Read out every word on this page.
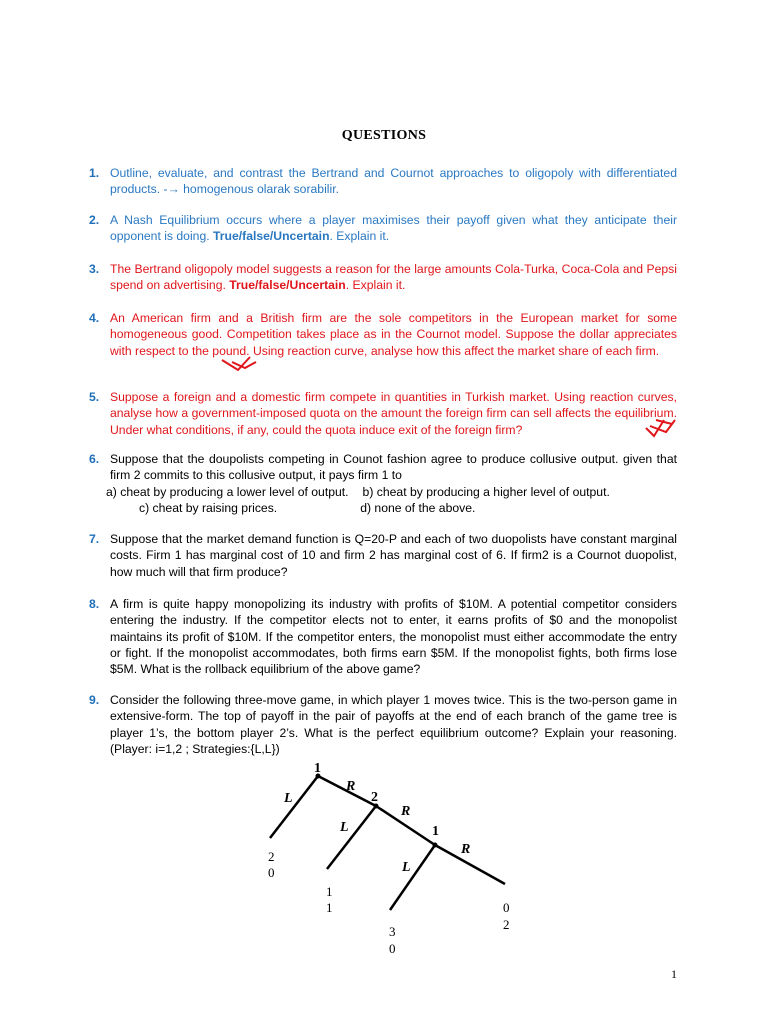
QUESTIONS
1. Outline, evaluate, and contrast the Bertrand and Cournot approaches to oligopoly with differentiated products. -→ homogenous olarak sorabilir.
2. A Nash Equilibrium occurs where a player maximises their payoff given what they anticipate their opponent is doing. True/false/Uncertain. Explain it.
3. The Bertrand oligopoly model suggests a reason for the large amounts Cola-Turka, Coca-Cola and Pepsi spend on advertising. True/false/Uncertain. Explain it.
4. An American firm and a British firm are the sole competitors in the European market for some homogeneous good. Competition takes place as in the Cournot model. Suppose the dollar appreciates with respect to the pound. Using reaction curve, analyse how this affect the market share of each firm.
5. Suppose a foreign and a domestic firm compete in quantities in Turkish market. Using reaction curves, analyse how a government-imposed quota on the amount the foreign firm can sell affects the equilibrium. Under what conditions, if any, could the quota induce exit of the foreign firm?
6. Suppose that the doupolists competing in Counot fashion agree to produce collusive output. given that firm 2 commits to this collusive output, it pays firm 1 to
a) cheat by producing a lower level of output. b) cheat by producing a higher level of output.
c) cheat by raising prices.	d) none of the above.
7. Suppose that the market demand function is Q=20-P and each of two duopolists have constant marginal costs. Firm 1 has marginal cost of 10 and firm 2 has marginal cost of 6. If firm2 is a Cournot duopolist, how much will that firm produce?
8. A firm is quite happy monopolizing its industry with profits of $10M. A potential competitor considers entering the industry. If the competitor elects not to enter, it earns profits of $0 and the monopolist maintains its profit of $10M. If the competitor enters, the monopolist must either accommodate the entry or fight. If the monopolist accommodates, both firms earn $5M. If the monopolist fights, both firms lose $5M. What is the rollback equilibrium of the above game?
9. Consider the following three-move game, in which player 1 moves twice. This is the two-person game in extensive-form. The top of payoff in the pair of payoffs at the end of each branch of the game tree is player 1’s, the bottom player 2’s. What is the perfect equilibrium outcome? Explain your reasoning. (Player: i=1,2 ; Strategies:{L,L})
1
2
1
L
R
L
R
L
R
2
0
1
1
3
0
0
2
1
